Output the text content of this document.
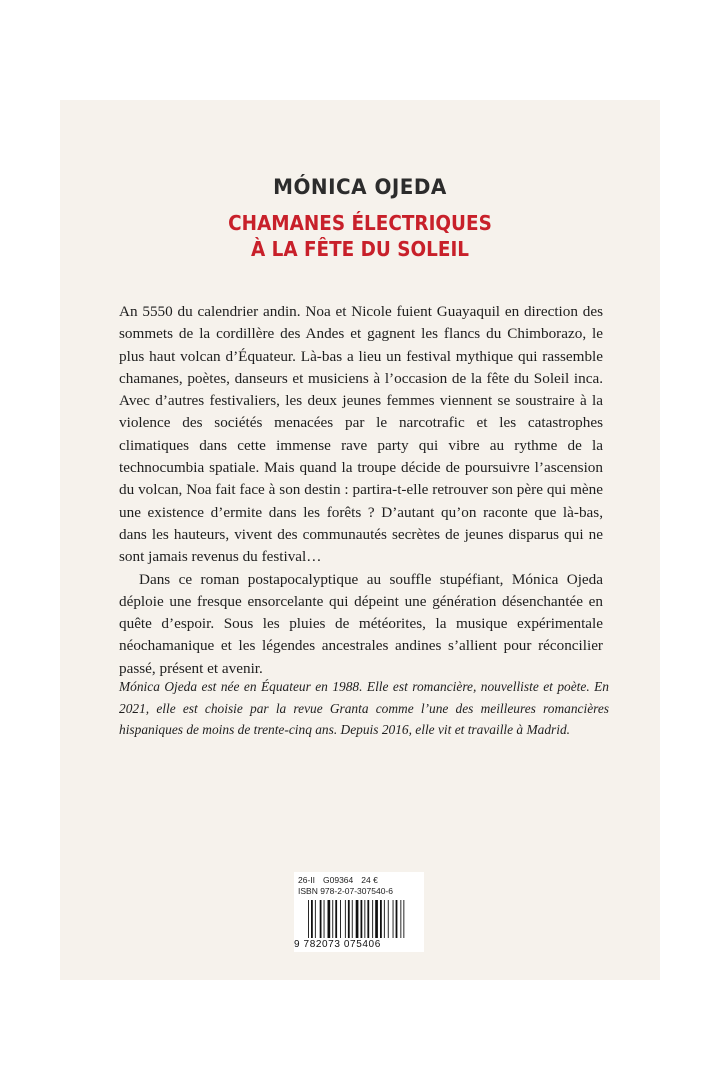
MÓNICA OJEDA
CHAMANES ÉLECTRIQUES
À LA FÊTE DU SOLEIL

An 5550 du calendrier andin. Noa et Nicole fuient Guayaquil en direction des sommets de la cordillère des Andes et gagnent les flancs du Chimborazo, le plus haut volcan d’Équateur. Là-bas a lieu un festival mythique qui rassemble chamanes, poètes, danseurs et musiciens à l’occasion de la fête du Soleil inca. Avec d’autres festivaliers, les deux jeunes femmes viennent se soustraire à la violence des sociétés menacées par le narcotrafic et les catastrophes climatiques dans cette immense rave party qui vibre au rythme de la technocumbia spatiale. Mais quand la troupe décide de poursuivre l’ascension du volcan, Noa fait face à son destin : partira-t-elle retrouver son père qui mène une existence d’ermite dans les forêts ? D’autant qu’on raconte que là-bas, dans les hauteurs, vivent des communautés secrètes de jeunes disparus qui ne sont jamais revenus du festival…

Dans ce roman postapocalyptique au souffle stupéfiant, Mónica Ojeda déploie une fresque ensorcelante qui dépeint une génération désenchantée en quête d’espoir. Sous les pluies de météorites, la musique expérimentale néochamanique et les légendes ancestrales andines s’allient pour réconcilier passé, présent et avenir.

Mónica Ojeda est née en Équateur en 1988. Elle est romancière, nouvelliste et poète. En 2021, elle est choisie par la revue Granta comme l’une des meilleures romancières hispaniques de moins de trente-cinq ans. Depuis 2016, elle vit et travaille à Madrid.
26-II G09364 24 €
ISBN 978-2-07-307540-6
9 782073 075406
